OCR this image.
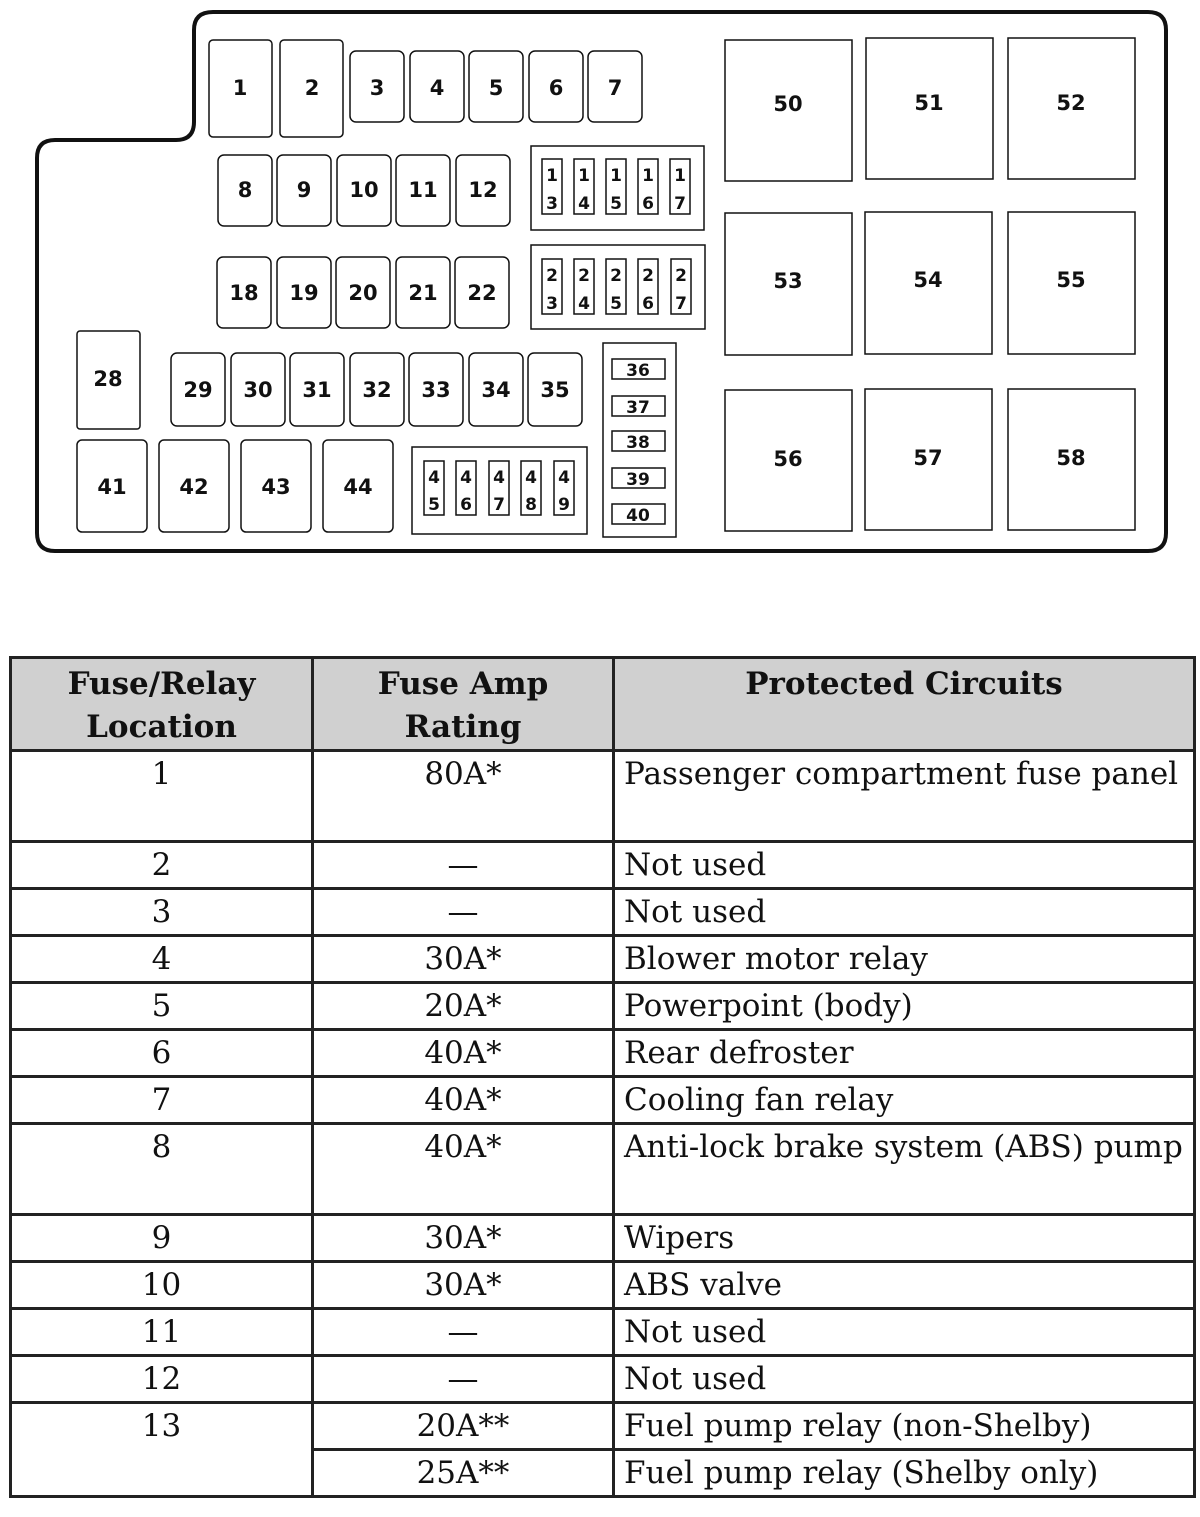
1	2 3 4 5 6 7
8 9 10 11 12
1
3
1
4
1
5
1
6
1
7
18 19 20 21 22
2
3
2
4
2
5
2
6
2
7
28	29 30 31 32 33 34 35
36
37
38
39
40
41	42	43	44	4
5
4
6
4
7
4
8
4
9
50	51	52
53	54	55
56	57	58
Fuse/Relay Location	Fuse Amp Rating	Protected Circuits
1	80A*	Passenger compartment fuse panel
2	—	Not used
3	—	Not used
4	30A*	Blower motor relay
5	20A*	Powerpoint (body)
6	40A*	Rear defroster
7	40A*	Cooling fan relay
8	40A*	Anti-lock brake system (ABS) pump
9	30A*	Wipers
10	30A*	ABS valve
11	—	Not used
12	—	Not used
13	20A**	Fuel pump relay (non-Shelby)
	25A**	Fuel pump relay (Shelby only)
